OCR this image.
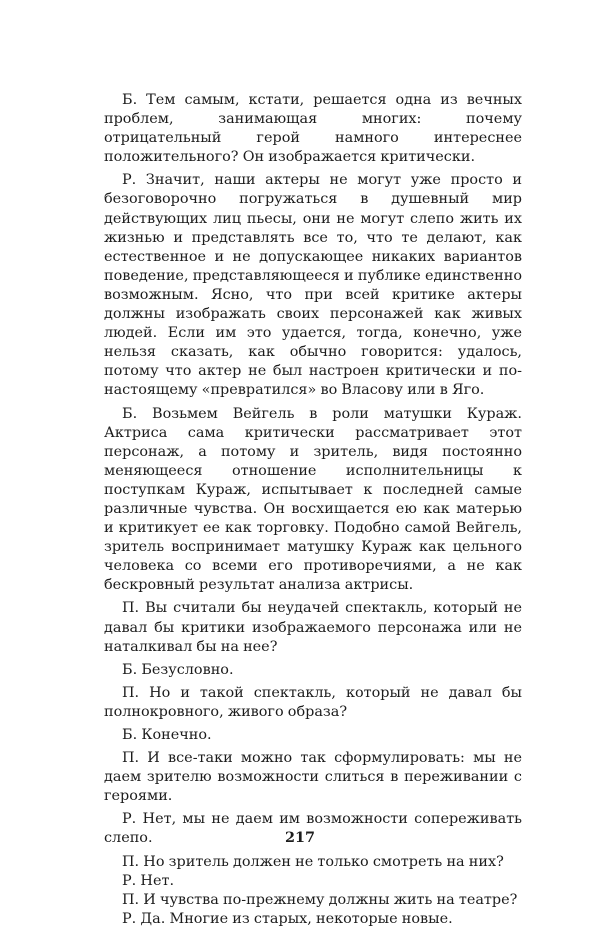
Б. Тем самым, кстати, решается одна из вечных проблем, занимающая многих: почему отрицательный герой намного интереснее положительного? Он изображается критически.

Р. Значит, наши актеры не могут уже просто и безоговорочно погружаться в душевный мир действующих лиц пьесы, они не могут слепо жить их жизнью и представлять все то, что те делают, как естественное и не допускающее никаких вариантов поведение, представляющееся и публике единственно возможным. Ясно, что при всей критике актеры должны изображать своих персонажей как живых людей. Если им это удается, тогда, конечно, уже нельзя сказать, как обычно говорится: удалось, потому что актер не был настроен критически и по-настоящему «превратился» во Власову или в Яго.

Б. Возьмем Вейгель в роли матушки Кураж. Актриса сама критически рассматривает этот персонаж, а потому и зритель, видя постоянно меняющееся отношение исполнительницы к поступкам Кураж, испытывает к последней самые различные чувства. Он восхищается ею как матерью и критикует ее как торговку. Подобно самой Вейгель, зритель воспринимает матушку Кураж как цельного человека со всеми его противоречиями, а не как бескровный результат анализа актрисы.

П. Вы считали бы неудачей спектакль, который не давал бы критики изображаемого персонажа или не наталкивал бы на нее?

Б. Безусловно.

П. Но и такой спектакль, который не давал бы полнокровного, живого образа?

Б. Конечно.

П. И все-таки можно так сформулировать: мы не даем зрителю возможности слиться в переживании с героями.

Р. Нет, мы не даем им возможности сопереживать слепо.

П. Но зритель должен не только смотреть на них?

Р. Нет.

П. И чувства по-прежнему должны жить на театре?

Р. Да. Многие из старых, некоторые новые.

217
